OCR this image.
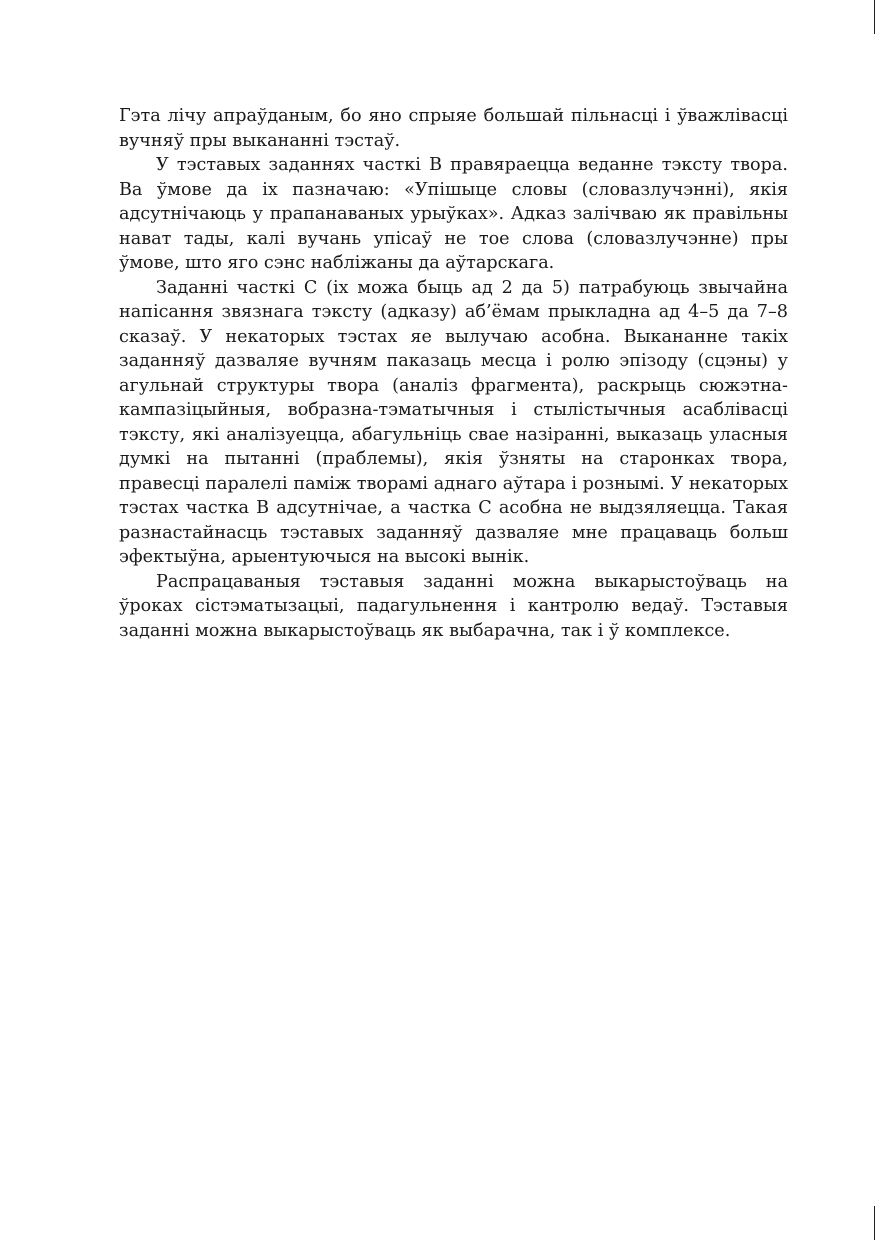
Гэта лічу апраўданым, бо яно спрыяе большай пільнасці і ўважлівасці вучняў пры выкананні тэстаў.

У тэставых заданнях часткі В правяраецца веданне тэксту твора. Ва ўмове да іх пазначаю: «Упішыце словы (словазлучэнні), якія адсутнічаюць у прапанаваных урыўках». Адказ залічваю як правільны нават тады, калі вучань упісаў не тое слова (словазлучэнне) пры ўмове, што яго сэнс набліжаны да аўтарскага.

Заданні часткі С (іх можа быць ад 2 да 5) патрабуюць звычайна напісання звязнага тэксту (адказу) аб’ёмам прыкладна ад 4–5 да 7–8 сказаў. У некаторых тэстах яе вылучаю асобна. Выкананне такіх заданняў дазваляе вучням паказаць месца і ролю эпізоду (сцэны) у агульнай структуры твора (аналіз фрагмента), раскрыць сюжэтна-кампазіцыйныя, вобразна-тэматычныя і стылістычныя асаблівасці тэксту, які аналізуецца, абагульніць свае назіранні, выказаць уласныя думкі на пытанні (праблемы), якія ўзняты на старонках твора, правесці паралелі паміж творамі аднаго аўтара і рознымі. У некаторых тэстах частка В адсутнічае, а частка С асобна не выдзяляецца. Такая разнастайнасць тэставых заданняў дазваляе мне працаваць больш эфектыўна, арыентуючыся на высокі вынік.

Распрацаваныя тэставыя заданні можна выкарыстоўваць на ўроках сістэматызацыі, падагульнення і кантролю ведаў. Тэставыя заданні можна выкарыстоўваць як выбарачна, так і ў комплексе.
